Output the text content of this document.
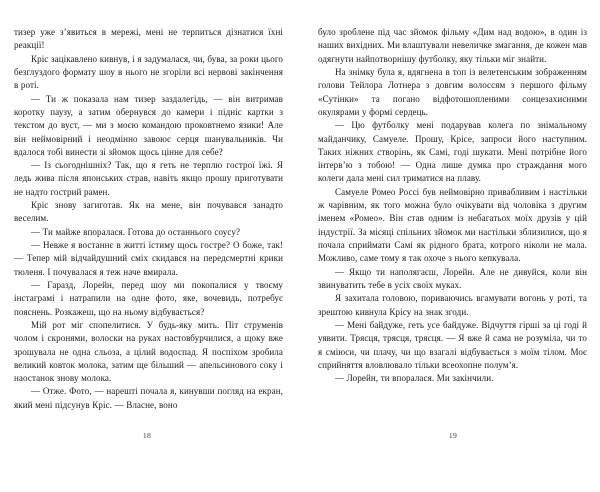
тизер уже з’явиться в мережі, мені не терпиться дізнатися їхні реакції!

Кріс зацікавлено кивнув, і я задумалася, чи, бува, за роки цього безглуздого формату шоу в нього не згоріли всі нервові закінчення в роті.

— Ти ж показала нам тизер заздалегідь, — він витримав коротку паузу, а затим обернувся до камери і підніс картки з текстом до вуст, — ми з моєю командою проковтнемо язики! Але він неймовірний і неодмінно завоює серця шанувальників. Чи вдалося тобі винести зі зйомок щось цінне для себе?

— Із сьогоднішніх? Так, що я геть не терплю гострої їжі. Я ледь жива після японських страв, навіть якщо прошу приготувати не надто гострий рамен.

Кріс знову загиготав. Як на мене, він почувався занадто веселим.

— Ти майже впоралася. Готова до останнього соусу?

— Невже я востаннє в житті їстиму щось гостре? О боже, так! — Тепер мій відчайдушний сміх скидався на передсмертні крики тюленя. І почувалася я теж наче вмирала.

— Гаразд, Лорейн, перед шоу ми покопалися у твоєму інстаграмі і натрапили на одне фото, яке, вочевидь, потребує пояснень. Розкажеш, що на ньому відбувається?

Мій рот міг спопелитися. У будь-яку мить. Піт струменів чолом і скронями, волоски на руках настовбурчилися, а щоку вже зрошувала не одна сльоза, а цілий водоспад. Я поспіхом зробила великий ковток молока, затим ще більший — апельсинового соку і наостанок знову молока.

— Отже. Фото, — нарешті почала я, кинувши погляд на екран, який мені підсунув Кріс. — Власне, воно

18

було зроблене під час зйомок фільму «Дим над водою», в один із наших вихідних. Ми влаштували невеличке змагання, де кожен мав одягнути найпотворнішу футболку, яку тільки міг знайти.

На знімку була я, вдягнена в топ із велетенським зображенням голови Тейлора Лотнера з довгим волоссям з першого фільму «Сутінки» та погано відфотошопленими сонцезахисними окулярами у формі сердець.

— Цю футболку мені подарував колега по знімальному майданчику, Самуеле. Прошу, Крісе, запроси його наступним. Таких ніжних створінь, як Самі, годі шукати. Мені потрібне його інтерв’ю з тобою! — Одна лише думка про страждання мого колеги дала мені сил триматися на плаву.

Самуеле Ромео Россі був неймовірно привабливим і настільки ж чарівним, як того можна було очікувати від чоловіка з другим іменем «Ромео». Він став одним із небагатьох моїх друзів у цій індустрії. За місяці спільних зйомок ми настільки зблизилися, що я почала сприймати Самі як рідного брата, котрого ніколи не мала. Можливо, саме тому я так охоче з нього кепкувала.

— Якщо ти наполягаєш, Лорейн. Але не дивуйся, коли він звинуватить тебе в усіх своїх муках.

Я захитала головою, пориваючись вгамувати вогонь у роті, та зрештою кивнула Крісу на знак згоди.

— Мені байдуже, геть усе байдуже. Відчуття гірші за ці годі й уявити. Трясця, трясця, трясця. — Я вже й сама не розуміла, чи то я сміюси, чи плачу, чи що взагалі відбувається з моїм тілом. Моє сприйняття вловлювало тільки всеохопне полум’я.

— Лорейн, ти впоралася. Ми закінчили.

19
